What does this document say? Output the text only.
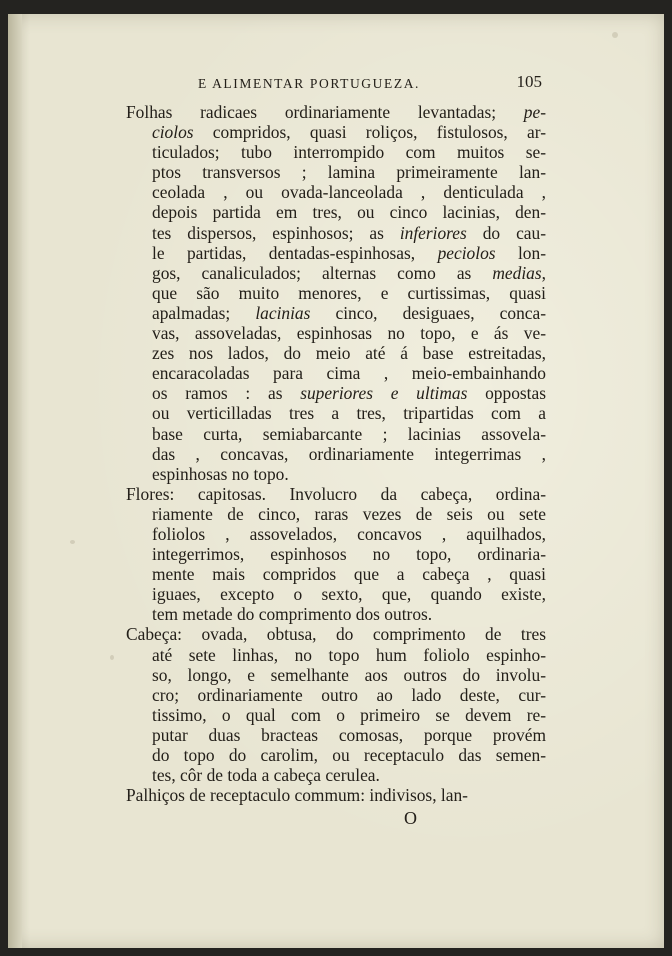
E ALIMENTAR PORTUGUEZA.	105

Folhas radicaes ordinariamente levantadas; pe-
ciolos compridos, quasi roliços, fistulosos, ar-
ticulados; tubo interrompido com muitos se-
ptos transversos ; lamina primeiramente lan-
ceolada , ou ovada-lanceolada , denticulada ,
depois partida em tres, ou cinco lacinias, den-
tes dispersos, espinhosos; as inferiores do cau-
le partidas, dentadas-espinhosas, peciolos lon-
gos, canaliculados; alternas como as medias,
que são muito menores, e curtissimas, quasi
apalmadas; lacinias cinco, desiguaes, conca-
vas, assoveladas, espinhosas no topo, e ás ve-
zes nos lados, do meio até á base estreitadas,
encaracoladas para cima , meio-embainhando
os ramos : as superiores e ultimas oppostas
ou verticilladas tres a tres, tripartidas com a
base curta, semiabarcante ; lacinias assovela-
das , concavas, ordinariamente integerrimas ,
espinhosas no topo.

Flores: capitosas. Involucro da cabeça, ordina-
riamente de cinco, raras vezes de seis ou sete
foliolos , assovelados, concavos , aquilhados,
integerrimos, espinhosos no topo, ordinaria-
mente mais compridos que a cabeça , quasi
iguaes, excepto o sexto, que, quando existe,
tem metade do comprimento dos outros.

Cabeça: ovada, obtusa, do comprimento de tres
até sete linhas, no topo hum foliolo espinho-
so, longo, e semelhante aos outros do involu-
cro; ordinariamente outro ao lado deste, cur-
tissimo, o qual com o primeiro se devem re-
putar duas bracteas comosas, porque provém
do topo do carolim, ou receptaculo das semen-
tes, côr de toda a cabeça cerulea.

Palhiços de receptaculo commum: indivisos, lan-

O
